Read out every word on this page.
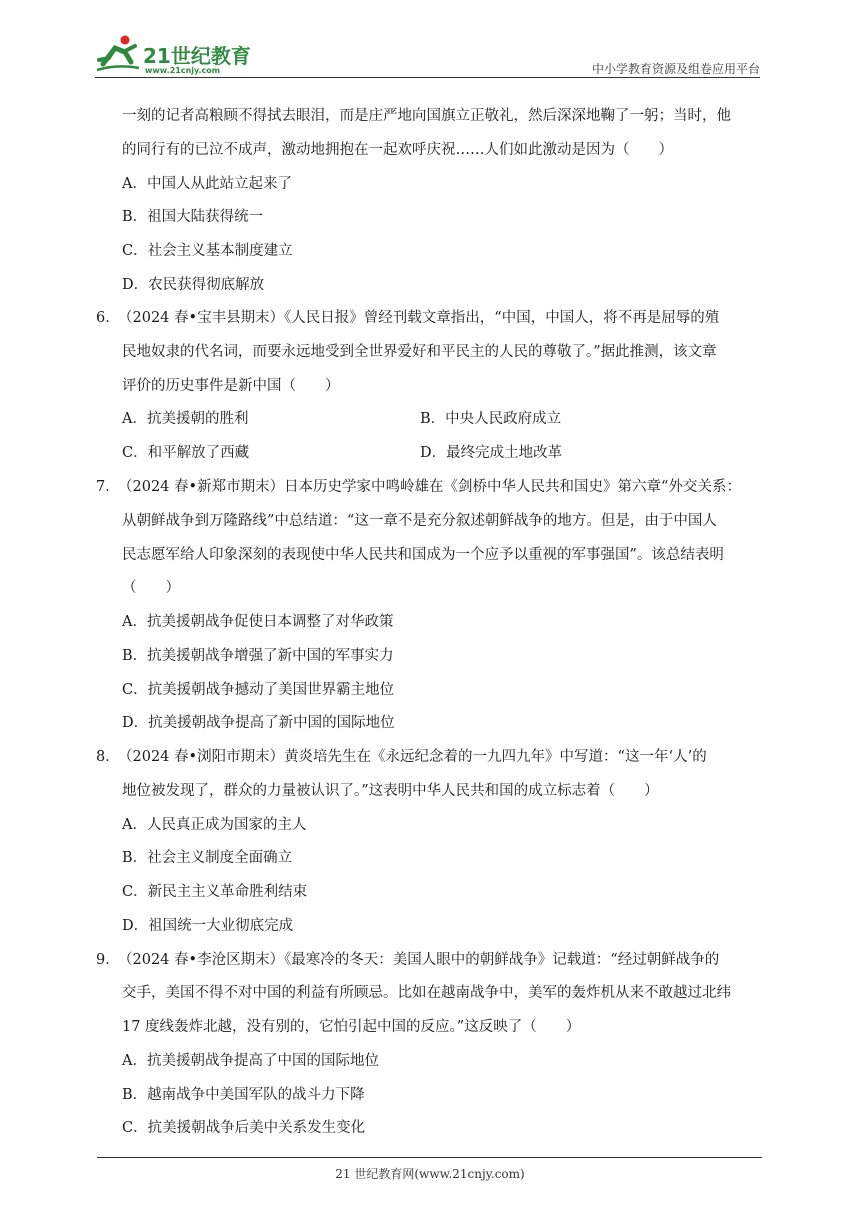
21世纪教育
www.21cnjy.com	中小学教育资源及组卷应用平台
一刻的记者高粮顾不得拭去眼泪，而是庄严地向国旗立正敬礼，然后深深地鞠了一躬；当时，他
的同行有的已泣不成声，激动地拥抱在一起欢呼庆祝……人们如此激动是因为（　　）
A．中国人从此站立起来了
B．祖国大陆获得统一
C．社会主义基本制度建立
D．农民获得彻底解放
6．
（2024 春•宝丰县期末）《人民日报》曾经刊载文章指出，“中国，中国人，将不再是屈辱的殖
民地奴隶的代名词，而要永远地受到全世界爱好和平民主的人民的尊敬了。”据此推测，该文章
评价的历史事件是新中国（　　）
A．抗美援朝的胜利	B．中央人民政府成立
C．和平解放了西藏	D．最终完成土地改革
7．
（2024 春•新郑市期末）日本历史学家中鸣岭雄在《剑桥中华人民共和国史》第六章“外交关系：
从朝鲜战争到万隆路线”中总结道：“这一章不是充分叙述朝鲜战争的地方。但是，由于中国人
民志愿军给人印象深刻的表现使中华人民共和国成为一个应予以重视的军事强国”。该总结表明
（　　）
A．抗美援朝战争促使日本调整了对华政策
B．抗美援朝战争增强了新中国的军事实力
C．抗美援朝战争撼动了美国世界霸主地位
D．抗美援朝战争提高了新中国的国际地位
8．
（2024 春•浏阳市期末）黄炎培先生在《永远纪念着的一九四九年》中写道：“这一年‘人’的
地位被发现了，群众的力量被认识了。”这表明中华人民共和国的成立标志着（　　）
A．人民真正成为国家的主人
B．社会主义制度全面确立
C．新民主主义革命胜利结束
D．祖国统一大业彻底完成
9．
（2024 春•李沧区期末）《最寒冷的冬天：美国人眼中的朝鲜战争》记载道：“经过朝鲜战争的
交手，美国不得不对中国的利益有所顾忌。比如在越南战争中，美军的轰炸机从来不敢越过北纬
17 度线轰炸北越，没有别的，它怕引起中国的反应。”这反映了（　　）
A．抗美援朝战争提高了中国的国际地位
B．越南战争中美国军队的战斗力下降
C．抗美援朝战争后美中关系发生变化
21 世纪教育网(www.21cnjy.com)
